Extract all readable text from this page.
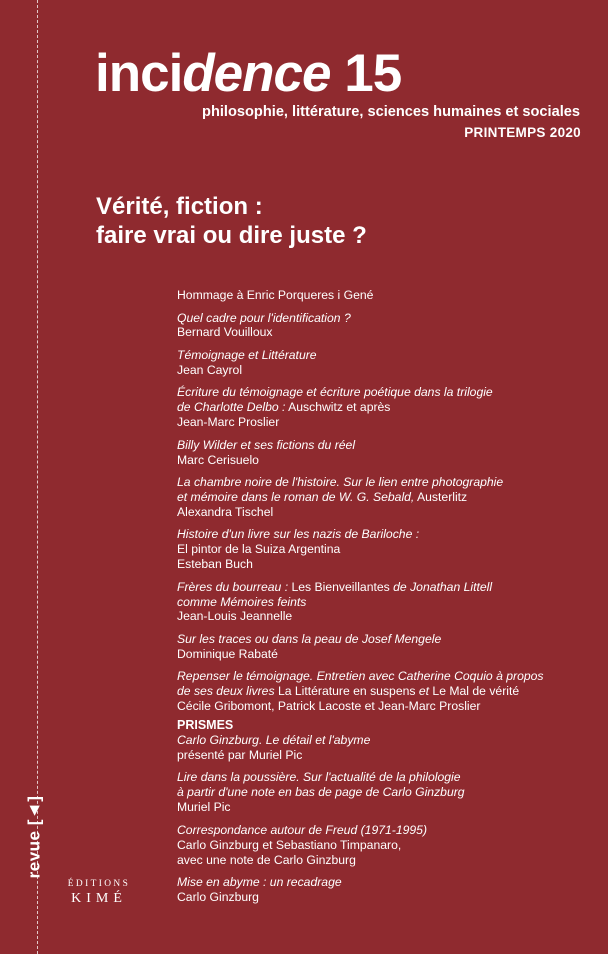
revue [◄]
incidence 15
philosophie, littérature, sciences humaines et sociales
PRINTEMPS 2020
Vérité, fiction :
faire vrai ou dire juste ?
Hommage à Enric Porqueres i Gené
Quel cadre pour l'identification ?
Bernard Vouilloux
Témoignage et Littérature
Jean Cayrol
Écriture du témoignage et écriture poétique dans la trilogie
de Charlotte Delbo : Auschwitz et après
Jean-Marc Proslier
Billy Wilder et ses fictions du réel
Marc Cerisuelo
La chambre noire de l'histoire. Sur le lien entre photographie
et mémoire dans le roman de W. G. Sebald, Austerlitz
Alexandra Tischel
Histoire d'un livre sur les nazis de Bariloche :
El pintor de la Suiza Argentina
Esteban Buch
Frères du bourreau : Les Bienveillantes de Jonathan Littell
comme Mémoires feints
Jean-Louis Jeannelle
Sur les traces ou dans la peau de Josef Mengele
Dominique Rabaté
Repenser le témoignage. Entretien avec Catherine Coquio à propos
de ses deux livres La Littérature en suspens et Le Mal de vérité
Cécile Gribomont, Patrick Lacoste et Jean-Marc Proslier
PRISMES
Carlo Ginzburg. Le détail et l'abyme
présenté par Muriel Pic
Lire dans la poussière. Sur l'actualité de la philologie
à partir d'une note en bas de page de Carlo Ginzburg
Muriel Pic
Correspondance autour de Freud (1971-1995)
Carlo Ginzburg et Sebastiano Timpanaro,
avec une note de Carlo Ginzburg
Mise en abyme : un recadrage
Carlo Ginzburg
ÉDITIONS
KIMÉ
